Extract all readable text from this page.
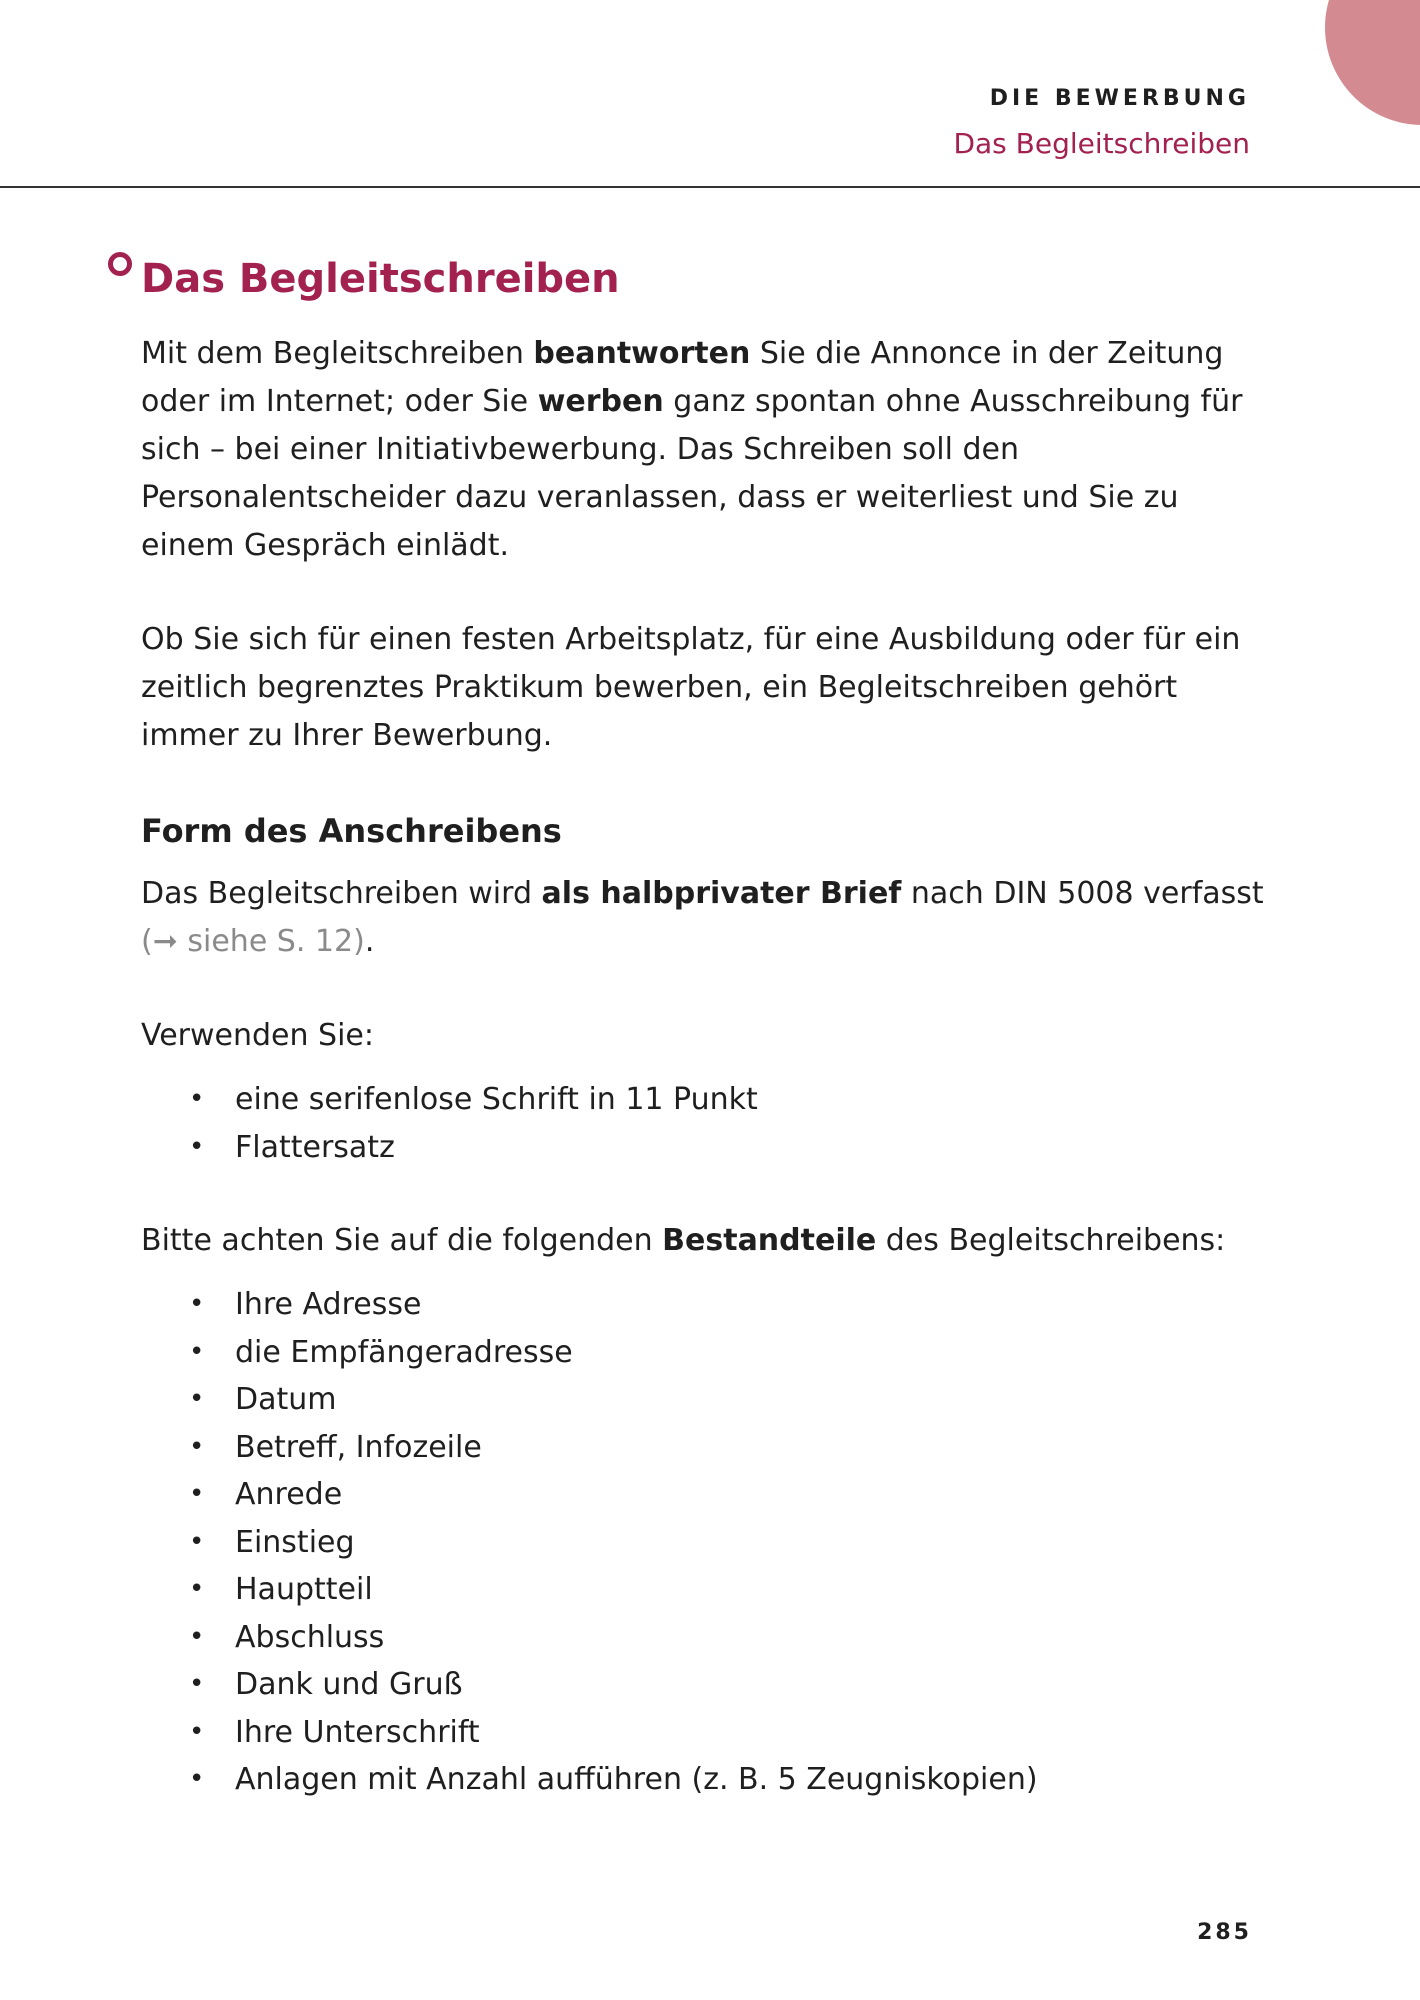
DIE BEWERBUNG
Das Begleitschreiben
Das Begleitschreiben

Mit dem Begleitschreiben beantworten Sie die Annonce in der Zeitung oder im Internet; oder Sie werben ganz spontan ohne Ausschreibung für sich – bei einer Initiativbewerbung. Das Schreiben soll den Personalentscheider dazu veranlassen, dass er weiterliest und Sie zu einem Gespräch einlädt.

Ob Sie sich für einen festen Arbeitsplatz, für eine Ausbildung oder für ein zeitlich begrenztes Praktikum bewerben, ein Begleitschreiben gehört immer zu Ihrer Bewerbung.

Form des Anschreibens

Das Begleitschreiben wird als halbprivater Brief nach DIN 5008 verfasst (➞ siehe S. 12).

Verwenden Sie:

• eine serifenlose Schrift in 11 Punkt
• Flattersatz

Bitte achten Sie auf die folgenden Bestandteile des Begleitschreibens:

• Ihre Adresse
• die Empfängeradresse
• Datum
• Betreff, Infozeile
• Anrede
• Einstieg
• Hauptteil
• Abschluss
• Dank und Gruß
• Ihre Unterschrift
• Anlagen mit Anzahl aufführen (z. B. 5 Zeugniskopien)
285
